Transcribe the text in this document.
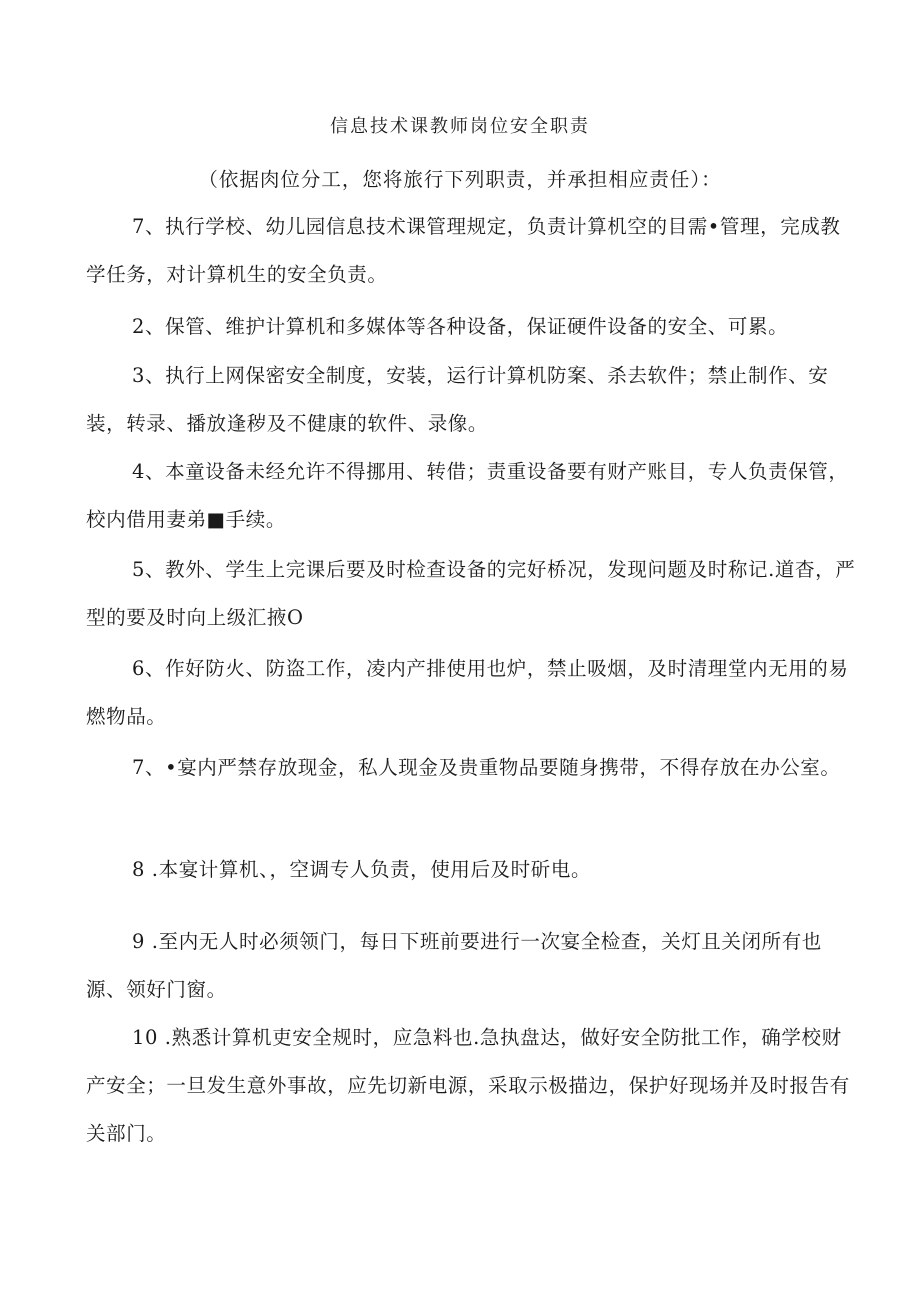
信息技术课教师岗位安全职责
（依据肉位分工，您将旅行下列职责，并承担相应责任）：

7、执行学校、幼儿园信息技术课管理规定，负责计算机空的目需•管理，完成教学任务，对计算机生的安全负责。

2、保管、维护计算机和多媒体等各种设备，保证硬件设备的安全、可累。

3、执行上网保密安全制度，安装，运行计算机防案、杀去软件；禁止制作、安装，转录、播放逢秽及不健康的软件、录像。

4、本童设备未经允许不得挪用、转借；责重设备要有财产账目，专人负责保管，校内借用妻弟■手续。

5、教外、学生上完课后要及时检查设备的完好桥况，发现问题及时称记.道杳，严型的要及时向上级汇掖O

6、作好防火、防盗工作，凌内产排使用也炉，禁止吸烟，及时清理堂内无用的易燃物品。

7、•宴内严禁存放现金，私人现金及贵重物品要随身携带，不得存放在办公室。

8 .本宴计算机、，空调专人负责，使用后及时斫电。

9 .至内无人时必须领门，每日下班前要进行一次宴全检查，关灯且关闭所有也源、领好门窗。

10 .熟悉计算机吏安全规时，应急料也.急执盘达，做好安全防批工作，确学校财产安全；一旦发生意外事故，应先切新电源，采取示极描边，保护好现场并及时报告有关部门。
